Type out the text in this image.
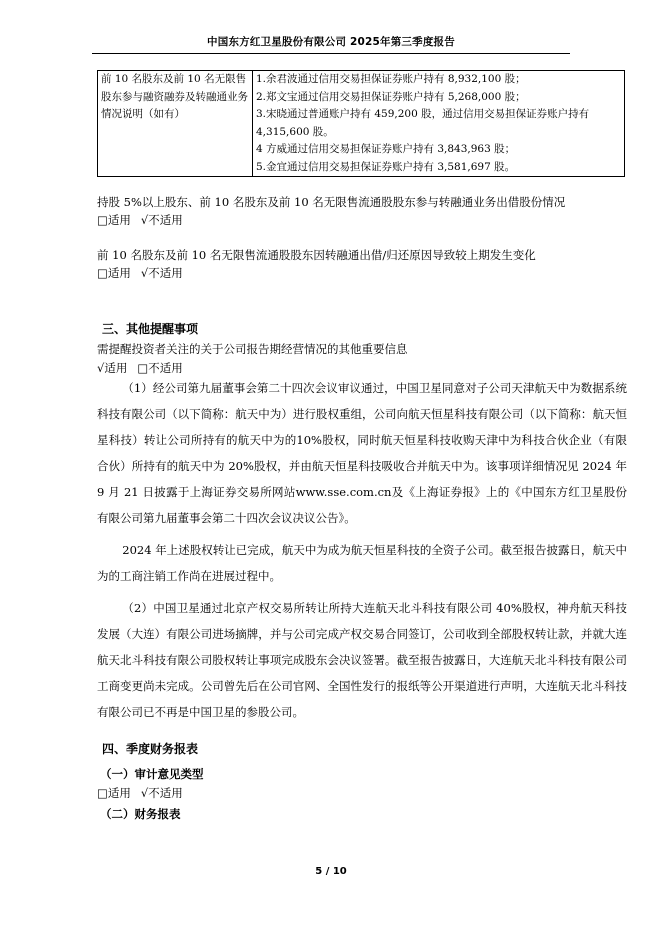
中国东方红卫星股份有限公司 2025年第三季度报告
前 10 名股东及前 10 名无限售股东参与融资融券及转融通业务情况说明（如有）	
1.余君波通过信用交易担保证券账户持有 8,932,100 股；
2.郑文宝通过信用交易担保证券账户持有 5,268,000 股；
3.宋晓通过普通账户持有 459,200 股，通过信用交易担保证券账户持有 4,315,600 股。
4 方威通过信用交易担保证券账户持有 3,843,963 股；
5.金宜通过信用交易担保证券账户持有 3,581,697 股。
持股 5%以上股东、前 10 名股东及前 10 名无限售流通股股东参与转融通业务出借股份情况
□适用 √不适用
前 10 名股东及前 10 名无限售流通股股东因转融通出借/归还原因导致较上期发生变化
□适用 √不适用
三、其他提醒事项
需提醒投资者关注的关于公司报告期经营情况的其他重要信息
√适用 □不适用

（1）经公司第九届董事会第二十四次会议审议通过，中国卫星同意对子公司天津航天中为数据系统科技有限公司（以下简称：航天中为）进行股权重组，公司向航天恒星科技有限公司（以下简称：航天恒星科技）转让公司所持有的航天中为的10%股权，同时航天恒星科技收购天津中为科技合伙企业（有限合伙）所持有的航天中为 20%股权，并由航天恒星科技吸收合并航天中为。该事项详细情况见 2024 年 9 月 21 日披露于上海证券交易所网站www.sse.com.cn及《上海证券报》上的《中国东方红卫星股份有限公司第九届董事会第二十四次会议决议公告》。

2024 年上述股权转让已完成，航天中为成为航天恒星科技的全资子公司。截至报告披露日，航天中为的工商注销工作尚在进展过程中。

（2）中国卫星通过北京产权交易所转让所持大连航天北斗科技有限公司 40%股权，神舟航天科技发展（大连）有限公司进场摘牌，并与公司完成产权交易合同签订，公司收到全部股权转让款，并就大连航天北斗科技有限公司股权转让事项完成股东会决议签署。截至报告披露日，大连航天北斗科技有限公司工商变更尚未完成。公司曾先后在公司官网、全国性发行的报纸等公开渠道进行声明，大连航天北斗科技有限公司已不再是中国卫星的参股公司。

四、季度财务报表
（一）审计意见类型
□适用 √不适用
（二）财务报表
5 / 10
